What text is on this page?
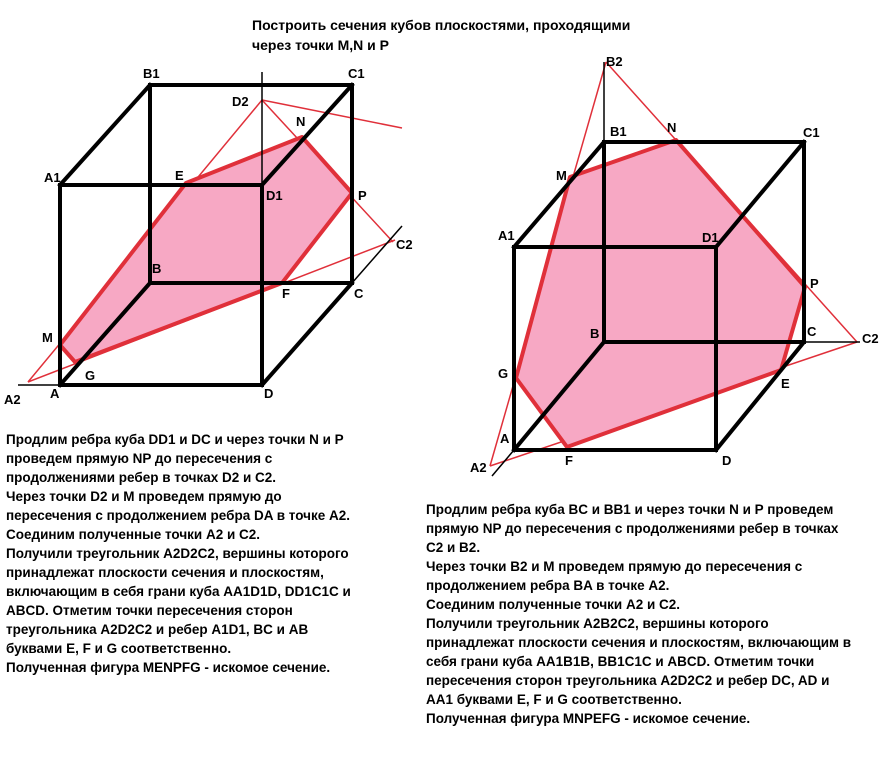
Построить сечения кубов плоскостями, проходящими
через точки M,N и P
B1	C1
D2
N
A1	E
D1	P
C2
B
F	C
M
G
A2 A	D
B2
B1	N	C1
M
A1	D1
P
B	C	C2
G
E
A
A2	F	D

Продлим ребра куба DD1 и DC и через точки N и P
проведем прямую NP до пересечения с
продолжениями ребер в точках D2 и C2.
Через точки D2 и M проведем прямую до
пересечения с продолжением ребра DA в точке A2.
Соединим полученные точки A2 и C2.
Получили треугольник A2D2C2, вершины которого
принадлежат плоскости сечения и плоскостям,
включающим в себя грани куба AA1D1D, DD1C1C и
ABCD. Отметим точки пересечения сторон
треугольника A2D2C2 и ребер A1D1, BC и AB
буквами E, F и G соответственно.
Полученная фигура MENPFG - искомое сечение.

Продлим ребра куба BC и BB1 и через точки N и P проведем
прямую NP до пересечения с продолжениями ребер в точках
C2 и B2.
Через точки B2 и M проведем прямую до пересечения с
продолжением ребра BA в точке A2.
Соединим полученные точки A2 и C2.
Получили треугольник A2B2C2, вершины которого
принадлежат плоскости сечения и плоскостям, включающим в
себя грани куба AA1B1B, BB1C1C и ABCD. Отметим точки
пересечения сторон треугольника A2D2C2 и ребер DC, AD и
AA1 буквами E, F и G соответственно.
Полученная фигура MNPEFG - искомое сечение.
